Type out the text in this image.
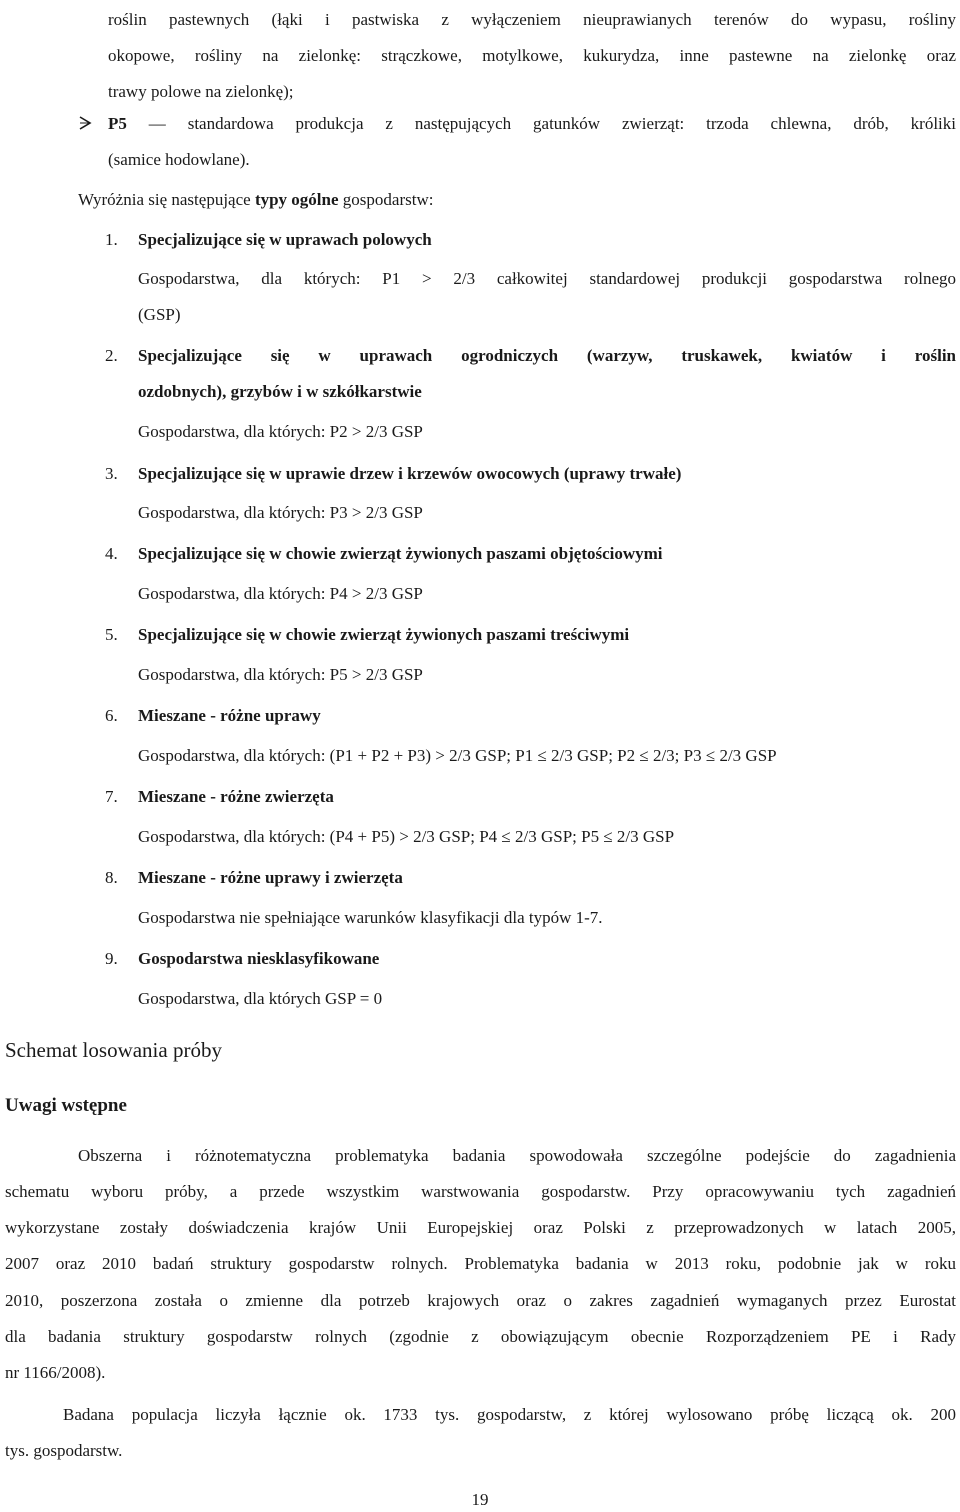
roślin pastewnych (łąki i pastwiska z wyłączeniem nieuprawianych terenów do wypasu, rośliny
okopowe, rośliny na zielonkę: strączkowe, motylkowe, kukurydza, inne pastewne na zielonkę oraz
trawy polowe na zielonkę);
P5 — standardowa produkcja z następujących gatunków zwierząt: trzoda chlewna, drób, króliki
(samice hodowlane).
Wyróżnia się następujące typy ogólne gospodarstw:
1. Specjalizujące się w uprawach polowych
Gospodarstwa, dla których: P1 > 2/3 całkowitej standardowej produkcji gospodarstwa rolnego
(GSP)
2. Specjalizujące się w uprawach ogrodniczych (warzyw, truskawek, kwiatów i roślin
ozdobnych), grzybów i w szkółkarstwie
Gospodarstwa, dla których: P2 > 2/3 GSP
3. Specjalizujące się w uprawie drzew i krzewów owocowych (uprawy trwałe)
Gospodarstwa, dla których: P3 > 2/3 GSP
4. Specjalizujące się w chowie zwierząt żywionych paszami objętościowymi
Gospodarstwa, dla których: P4 > 2/3 GSP
5. Specjalizujące się w chowie zwierząt żywionych paszami treściwymi
Gospodarstwa, dla których: P5 > 2/3 GSP
6. Mieszane - różne uprawy
Gospodarstwa, dla których: (P1 + P2 + P3) > 2/3 GSP; P1 ≤ 2/3 GSP; P2 ≤ 2/3; P3 ≤ 2/3 GSP
7. Mieszane - różne zwierzęta
Gospodarstwa, dla których: (P4 + P5) > 2/3 GSP; P4 ≤ 2/3 GSP; P5 ≤ 2/3 GSP
8. Mieszane - różne uprawy i zwierzęta
Gospodarstwa nie spełniające warunków klasyfikacji dla typów 1-7.
9. Gospodarstwa niesklasyfikowane
Gospodarstwa, dla których GSP = 0
Schemat losowania próby
Uwagi wstępne
Obszerna i różnotematyczna problematyka badania spowodowała szczególne podejście do zagadnienia
schematu wyboru próby, a przede wszystkim warstwowania gospodarstw. Przy opracowywaniu tych zagadnień
wykorzystane zostały doświadczenia krajów Unii Europejskiej oraz Polski z przeprowadzonych w latach 2005,
2007 oraz 2010 badań struktury gospodarstw rolnych. Problematyka badania w 2013 roku, podobnie jak w roku
2010, poszerzona została o zmienne dla potrzeb krajowych oraz o zakres zagadnień wymaganych przez Eurostat
dla badania struktury gospodarstw rolnych (zgodnie z obowiązującym obecnie Rozporządzeniem PE i Rady
nr 1166/2008).
Badana populacja liczyła łącznie ok. 1733 tys. gospodarstw, z której wylosowano próbę liczącą ok. 200
tys. gospodarstw.
19
